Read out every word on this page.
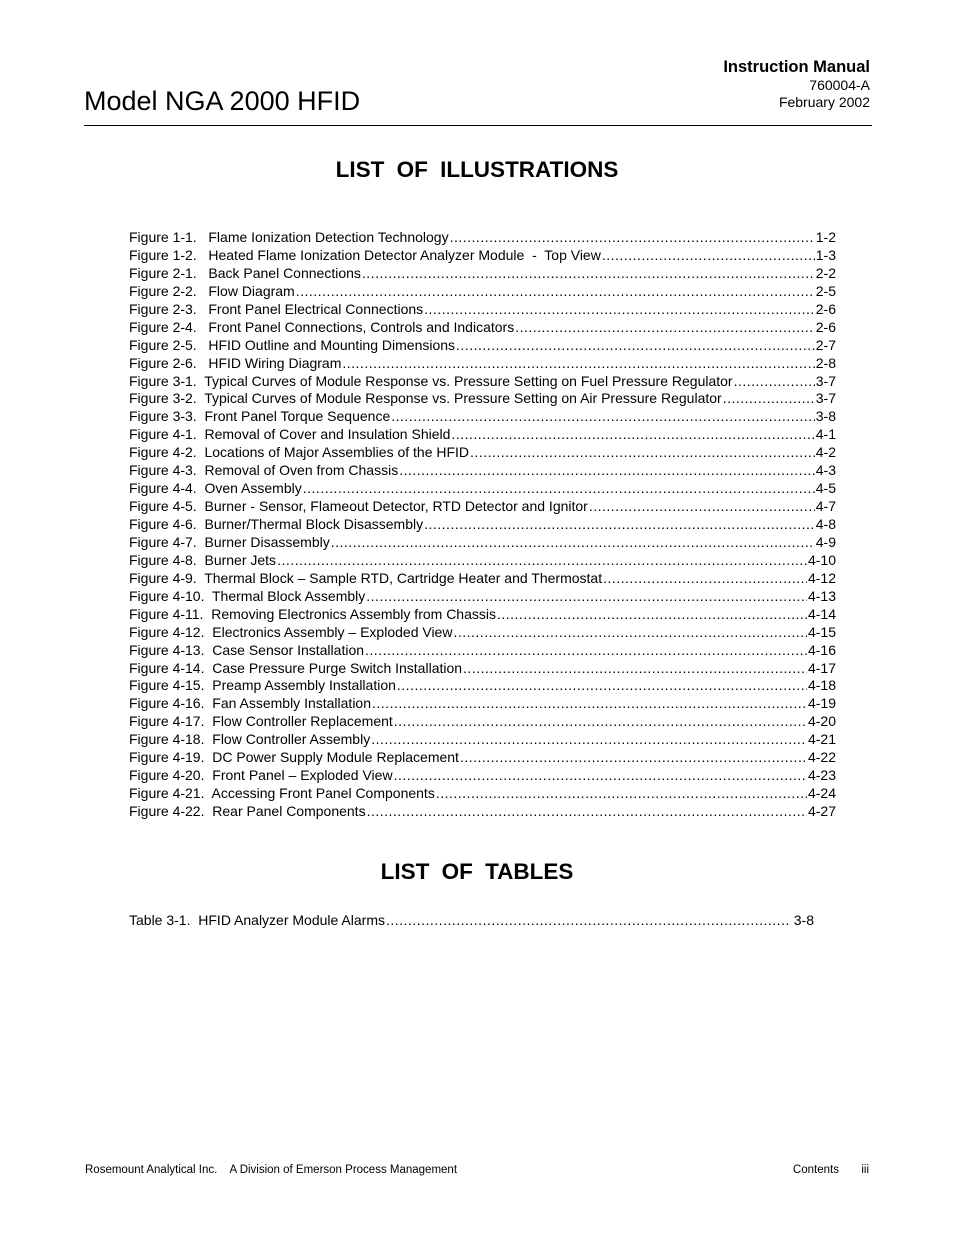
Instruction Manual
760004-A
February 2002
Model NGA 2000 HFID
LIST OF ILLUSTRATIONS
Figure 1-1.   Flame Ionization Detection Technology .....	1-2
Figure 1-2.   Heated Flame Ionization Detector Analyzer Module  -  Top View .....	1-3
Figure 2-1.   Back Panel Connections .....	2-2
Figure 2-2.   Flow Diagram .....	2-5
Figure 2-3.   Front Panel Electrical Connections .....	2-6
Figure 2-4.   Front Panel Connections, Controls and Indicators .....	2-6
Figure 2-5.   HFID Outline and Mounting Dimensions .....	2-7
Figure 2-6.   HFID Wiring Diagram .....	2-8
Figure 3-1.  Typical Curves of Module Response vs. Pressure Setting on Fuel Pressure Regulator .....	3-7
Figure 3-2.  Typical Curves of Module Response vs. Pressure Setting on Air Pressure Regulator .....	3-7
Figure 3-3.  Front Panel Torque Sequence .....	3-8
Figure 4-1.  Removal of Cover and Insulation Shield .....	4-1
Figure 4-2.  Locations of Major Assemblies of the HFID .....	4-2
Figure 4-3.  Removal of Oven from Chassis .....	4-3
Figure 4-4.  Oven Assembly .....	4-5
Figure 4-5.  Burner - Sensor, Flameout Detector, RTD Detector and Ignitor .....	4-7
Figure 4-6.  Burner/Thermal Block Disassembly .....	4-8
Figure 4-7.  Burner Disassembly .....	4-9
Figure 4-8.  Burner Jets .....	4-10
Figure 4-9.  Thermal Block – Sample RTD, Cartridge Heater and Thermostat .....	4-12
Figure 4-10.  Thermal Block Assembly .....	4-13
Figure 4-11.  Removing Electronics Assembly from Chassis .....	4-14
Figure 4-12.  Electronics Assembly – Exploded View .....	4-15
Figure 4-13.  Case Sensor Installation .....	4-16
Figure 4-14.  Case Pressure Purge Switch Installation .....	4-17
Figure 4-15.  Preamp Assembly Installation .....	4-18
Figure 4-16.  Fan Assembly Installation .....	4-19
Figure 4-17.  Flow Controller Replacement .....	4-20
Figure 4-18.  Flow Controller Assembly .....	4-21
Figure 4-19.  DC Power Supply Module Replacement .....	4-22
Figure 4-20.  Front Panel – Exploded View .....	4-23
Figure 4-21.  Accessing Front Panel Components .....	4-24
Figure 4-22.  Rear Panel Components .....	4-27
LIST OF TABLES
Table 3-1.  HFID Analyzer Module Alarms .....	3-8
Rosemount Analytical Inc.    A Division of Emerson Process Management	Contents iii
